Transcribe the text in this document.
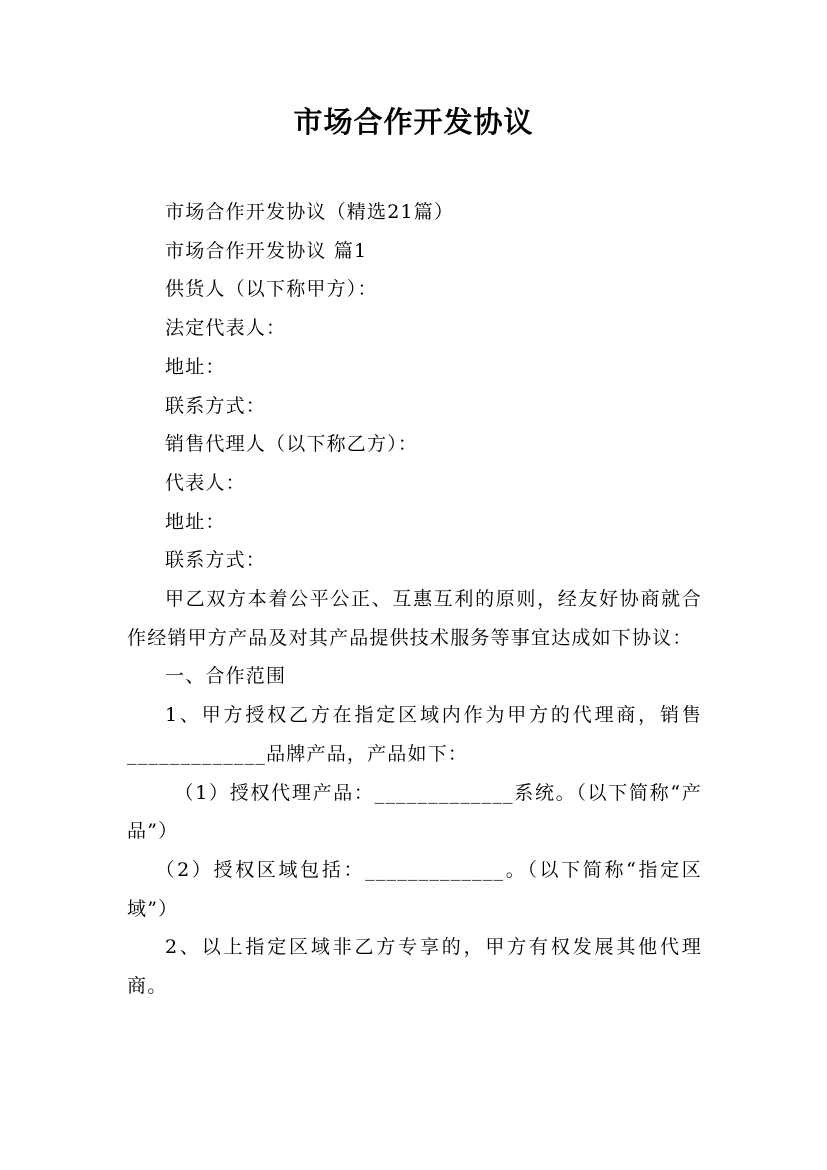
市场合作开发协议

市场合作开发协议（精选21篇）

市场合作开发协议 篇1

供货人（以下称甲方）：

法定代表人：

地址：

联系方式：

销售代理人（以下称乙方）：

代表人：

地址：

联系方式：

甲乙双方本着公平公正、互惠互利的原则，经友好协商就合作经销甲方产品及对其产品提供技术服务等事宜达成如下协议：

一、合作范围

1、甲方授权乙方在指定区域内作为甲方的代理商，销售_____________品牌产品，产品如下：

（1）授权代理产品：_____________系统。（以下简称“产品”）

（2）授权区域包括：_____________。（以下简称“指定区域”）

2、以上指定区域非乙方专享的，甲方有权发展其他代理商。
